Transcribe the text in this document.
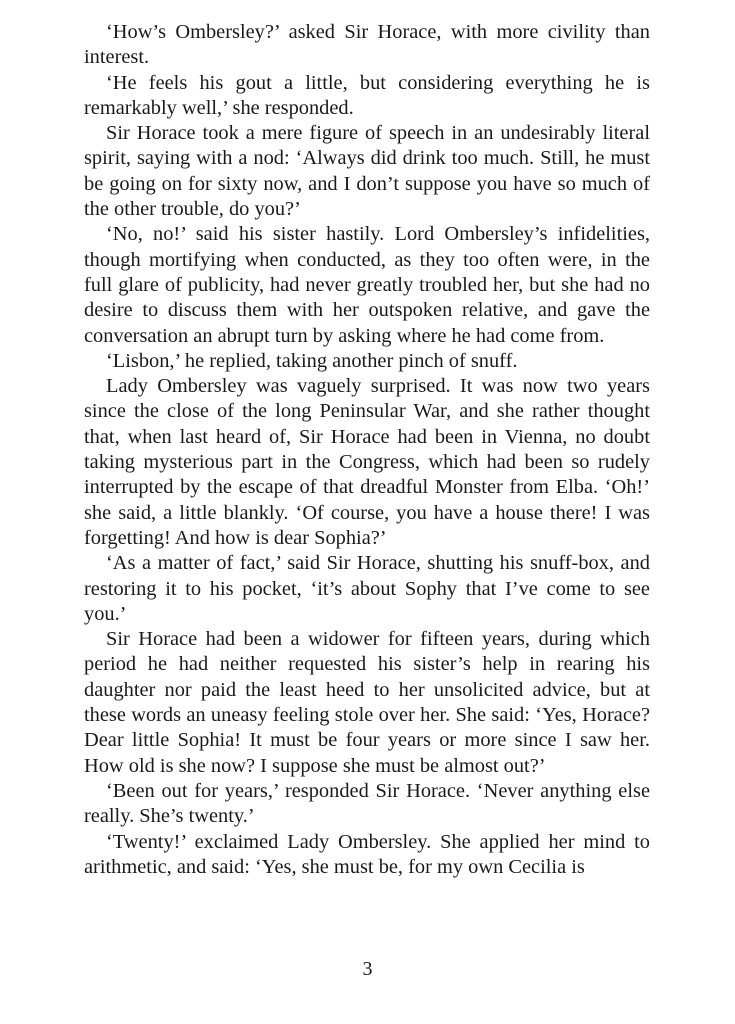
‘How’s Ombersley?’ asked Sir Horace, with more civility than interest.

‘He feels his gout a little, but considering everything he is remarkably well,’ she responded.

Sir Horace took a mere figure of speech in an undesirably literal spirit, saying with a nod: ‘Always did drink too much. Still, he must be going on for sixty now, and I don’t suppose you have so much of the other trouble, do you?’

‘No, no!’ said his sister hastily. Lord Ombersley’s infidelities, though mortifying when conducted, as they too often were, in the full glare of publicity, had never greatly troubled her, but she had no desire to discuss them with her outspoken relative, and gave the conversation an abrupt turn by asking where he had come from.

‘Lisbon,’ he replied, taking another pinch of snuff.

Lady Ombersley was vaguely surprised. It was now two years since the close of the long Peninsular War, and she rather thought that, when last heard of, Sir Horace had been in Vienna, no doubt taking mysterious part in the Congress, which had been so rudely interrupted by the escape of that dreadful Monster from Elba. ‘Oh!’ she said, a little blankly. ‘Of course, you have a house there! I was forgetting! And how is dear Sophia?’

‘As a matter of fact,’ said Sir Horace, shutting his snuff-box, and restoring it to his pocket, ‘it’s about Sophy that I’ve come to see you.’

Sir Horace had been a widower for fifteen years, during which period he had neither requested his sister’s help in rearing his daughter nor paid the least heed to her unsolicited advice, but at these words an uneasy feeling stole over her. She said: ‘Yes, Horace? Dear little Sophia! It must be four years or more since I saw her. How old is she now? I suppose she must be almost out?’

‘Been out for years,’ responded Sir Horace. ‘Never anything else really. She’s twenty.’

‘Twenty!’ exclaimed Lady Ombersley. She applied her mind to arithmetic, and said: ‘Yes, she must be, for my own Cecilia is

3
